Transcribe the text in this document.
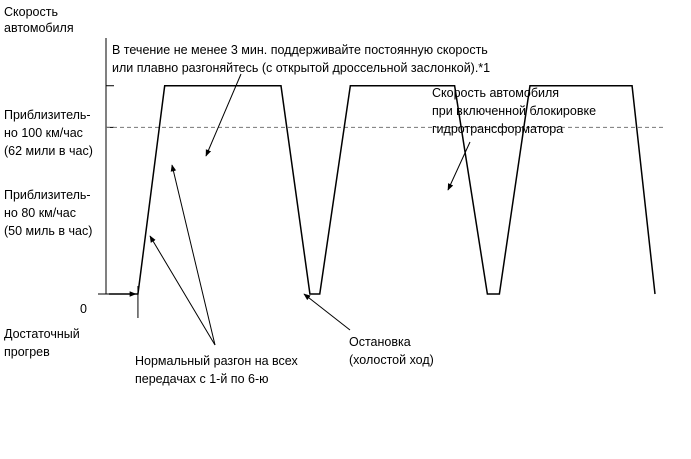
Приблизитель-но 100 км/час (62 мили в час)
Приблизитель-но 80 км/час (50 миль в час)
0
Скорость автомобиля
В течение не менее 3 мин. поддерживайте постоянную скорость или плавно разгоняйтесь (с открытой дроссельной заслонкой).*1
Скорость автомобиля при включенной блокировке гидротрансформатора
Достаточный прогрев
Нормальный разгон на всех передачах с 1-й по 6-ю
Остановка (холостой ход)
